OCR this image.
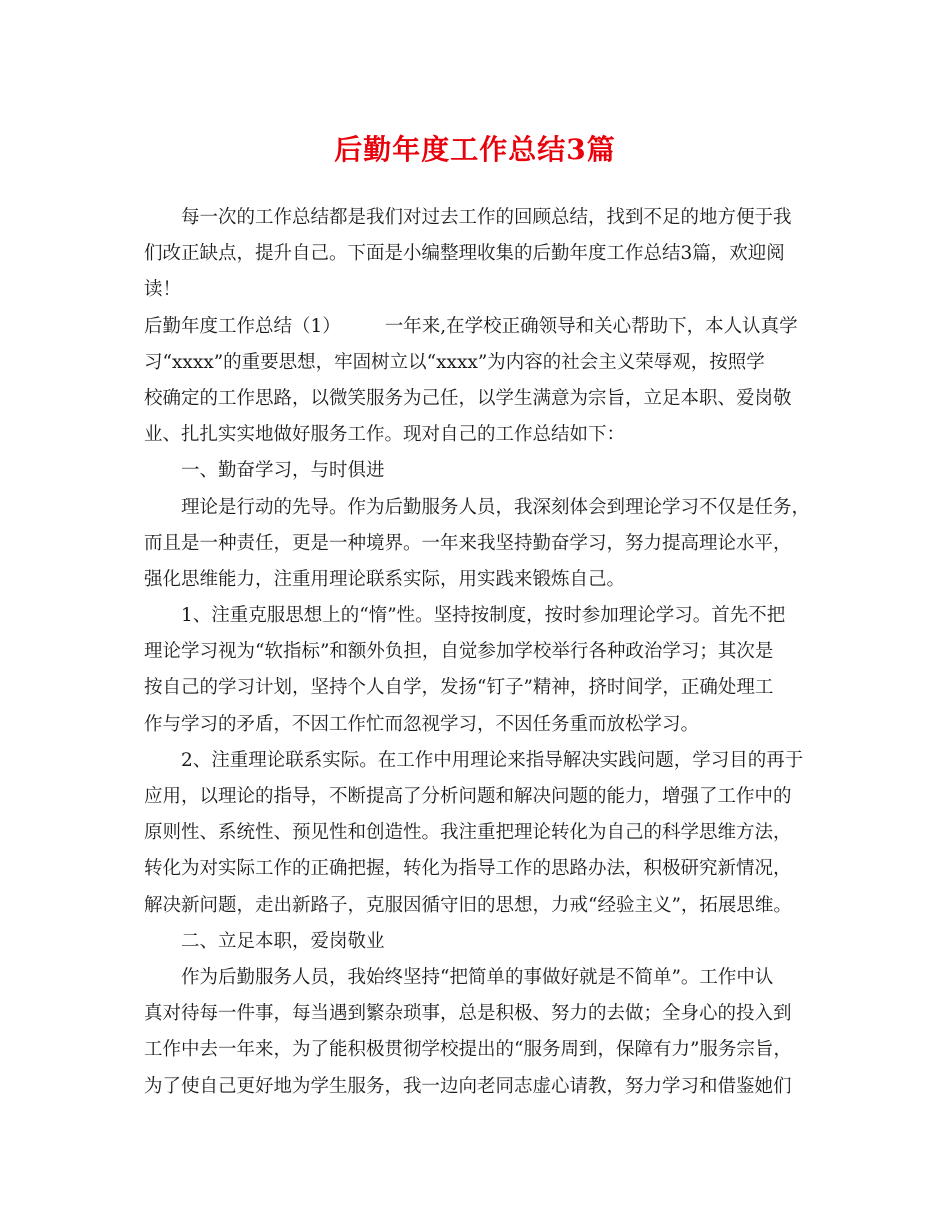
后勤年度工作总结3篇

每一次的工作总结都是我们对过去工作的回顾总结，找到不足的地方便于我

们改正缺点，提升自己。下面是小编整理收集的后勤年度工作总结3篇，欢迎阅

读！

后勤年度工作总结（1） 一年来,在学校正确领导和关心帮助下，本人认真学

习“xxxx”的重要思想，牢固树立以“xxxx”为内容的社会主义荣辱观，按照学

校确定的工作思路，以微笑服务为己任，以学生满意为宗旨，立足本职、爱岗敬

业、扎扎实实地做好服务工作。现对自己的工作总结如下：

一、勤奋学习，与时俱进

理论是行动的先导。作为后勤服务人员，我深刻体会到理论学习不仅是任务，

而且是一种责任，更是一种境界。一年来我坚持勤奋学习，努力提高理论水平，

强化思维能力，注重用理论联系实际，用实践来锻炼自己。

1、注重克服思想上的“惰”性。坚持按制度，按时参加理论学习。首先不把

理论学习视为“软指标”和额外负担，自觉参加学校举行各种政治学习；其次是

按自己的学习计划，坚持个人自学，发扬“钉子”精神，挤时间学，正确处理工

作与学习的矛盾，不因工作忙而忽视学习，不因任务重而放松学习。

2、注重理论联系实际。在工作中用理论来指导解决实践问题，学习目的再于

应用，以理论的指导，不断提高了分析问题和解决问题的能力，增强了工作中的

原则性、系统性、预见性和创造性。我注重把理论转化为自己的科学思维方法，

转化为对实际工作的正确把握，转化为指导工作的思路办法，积极研究新情况，

解决新问题，走出新路子，克服因循守旧的思想，力戒“经验主义”，拓展思维。

二、立足本职，爱岗敬业

作为后勤服务人员，我始终坚持“把简单的事做好就是不简单”。工作中认

真对待每一件事，每当遇到繁杂琐事，总是积极、努力的去做；全身心的投入到

工作中去一年来，为了能积极贯彻学校提出的“服务周到，保障有力”服务宗旨，

为了使自己更好地为学生服务，我一边向老同志虚心请教，努力学习和借鉴她们
